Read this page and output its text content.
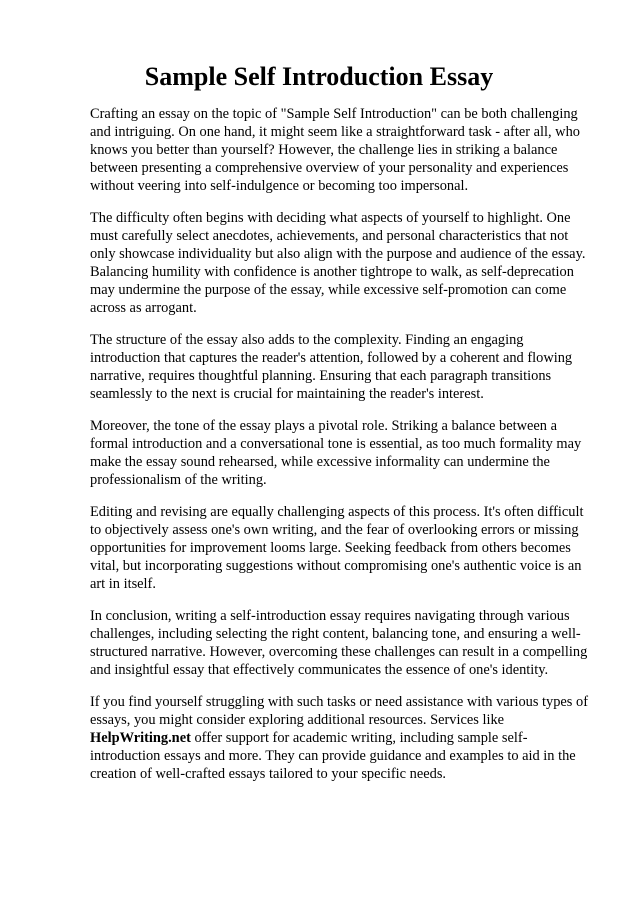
Sample Self Introduction Essay

Crafting an essay on the topic of "Sample Self Introduction" can be both challenging and intriguing. On one hand, it might seem like a straightforward task - after all, who knows you better than yourself? However, the challenge lies in striking a balance between presenting a comprehensive overview of your personality and experiences without veering into self-indulgence or becoming too impersonal.

The difficulty often begins with deciding what aspects of yourself to highlight. One must carefully select anecdotes, achievements, and personal characteristics that not only showcase individuality but also align with the purpose and audience of the essay. Balancing humility with confidence is another tightrope to walk, as self-deprecation may undermine the purpose of the essay, while excessive self-promotion can come across as arrogant.

The structure of the essay also adds to the complexity. Finding an engaging introduction that captures the reader's attention, followed by a coherent and flowing narrative, requires thoughtful planning. Ensuring that each paragraph transitions seamlessly to the next is crucial for maintaining the reader's interest.

Moreover, the tone of the essay plays a pivotal role. Striking a balance between a formal introduction and a conversational tone is essential, as too much formality may make the essay sound rehearsed, while excessive informality can undermine the professionalism of the writing.

Editing and revising are equally challenging aspects of this process. It's often difficult to objectively assess one's own writing, and the fear of overlooking errors or missing opportunities for improvement looms large. Seeking feedback from others becomes vital, but incorporating suggestions without compromising one's authentic voice is an art in itself.

In conclusion, writing a self-introduction essay requires navigating through various challenges, including selecting the right content, balancing tone, and ensuring a well-structured narrative. However, overcoming these challenges can result in a compelling and insightful essay that effectively communicates the essence of one's identity.

If you find yourself struggling with such tasks or need assistance with various types of essays, you might consider exploring additional resources. Services like HelpWriting.net offer support for academic writing, including sample self-introduction essays and more. They can provide guidance and examples to aid in the creation of well-crafted essays tailored to your specific needs.
